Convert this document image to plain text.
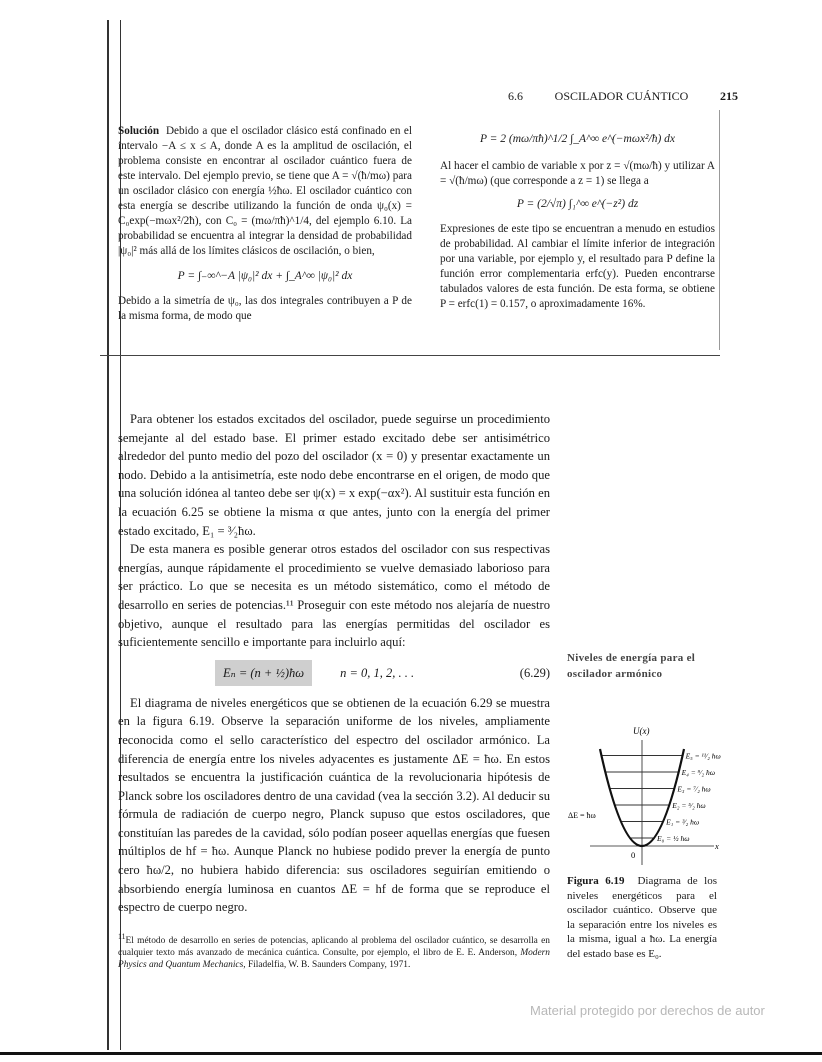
6.6	OSCILADOR CUÁNTICO	215
Solución Debido a que el oscilador clásico está confinado en el intervalo −A ≤ x ≤ A, donde A es la amplitud de oscilación, el problema consiste en encontrar al oscilador cuántico fuera de este intervalo. Del ejemplo previo, se tiene que A = √(ħ/mω) para un oscilador clásico con energía ½ħω. El oscilador cuántico con esta energía se describe utilizando la función de onda ψ₀(x) = C₀exp(−mωx²/2ħ), con C₀ = (mω/πħ)^1/4, del ejemplo 6.10. La probabilidad se encuentra al integrar la densidad de probabilidad |ψ₀|² más allá de los límites clásicos de oscilación, o bien,
P = ∫₋∞^−A |ψ₀|² dx + ∫_A^∞ |ψ₀|² dx
Debido a la simetría de ψ₀, las dos integrales contribuyen a P de la misma forma, de modo que
P = 2 (mω/πħ)^1/2 ∫_A^∞ e^(−mωx²/ħ) dx
Al hacer el cambio de variable x por z = √(mω/ħ) y utilizar A = √(ħ/mω) (que corresponde a z = 1) se llega a
P = (2/√π) ∫₁^∞ e^(−z²) dz
Expresiones de este tipo se encuentran a menudo en estudios de probabilidad. Al cambiar el límite inferior de integración por una variable, por ejemplo y, el resultado para P define la función error complementaria erfc(y). Pueden encontrarse tabulados valores de esta función. De esta forma, se obtiene P = erfc(1) = 0.157, o aproximadamente 16%.

Para obtener los estados excitados del oscilador, puede seguirse un procedimiento semejante al del estado base. El primer estado excitado debe ser antisimétrico alrededor del punto medio del pozo del oscilador (x = 0) y presentar exactamente un nodo. Debido a la antisimetría, este nodo debe encontrarse en el origen, de modo que una solución idónea al tanteo debe ser ψ(x) = x exp(−αx²). Al sustituir esta función en la ecuación 6.25 se obtiene la misma α que antes, junto con la energía del primer estado excitado, E₁ = ³⁄₂ħω.

De esta manera es posible generar otros estados del oscilador con sus respectivas energías, aunque rápidamente el procedimiento se vuelve demasiado laborioso para ser práctico. Lo que se necesita es un método sistemático, como el método de desarrollo en series de potencias.¹¹ Proseguir con este método nos alejaría de nuestro objetivo, aunque el resultado para las energías permitidas del oscilador es suficientemente sencillo e importante para incluirlo aquí:

Eₙ = (n + ½)ħω	n = 0, 1, 2, . . .	(6.29)

El diagrama de niveles energéticos que se obtienen de la ecuación 6.29 se muestra en la figura 6.19. Observe la separación uniforme de los niveles, ampliamente reconocida como el sello característico del espectro del oscilador armónico. La diferencia de energía entre los niveles adyacentes es justamente ΔE = ħω. En estos resultados se encuentra la justificación cuántica de la revolucionaria hipótesis de Planck sobre los osciladores dentro de una cavidad (vea la sección 3.2). Al deducir su fórmula de radiación de cuerpo negro, Planck supuso que estos osciladores, que constituían las paredes de la cavidad, sólo podían poseer aquellas energías que fuesen múltiplos de hf = ħω. Aunque Planck no hubiese podido prever la energía de punto cero ħω/2, no hubiera habido diferencia: sus osciladores seguirían emitiendo o absorbiendo energía luminosa en cuantos ΔE = hf de forma que se reproduce el espectro de cuerpo negro.

$^{11}$El método de desarrollo en series de potencias, aplicando al problema del oscilador cuántico, se desarrolla en cualquier texto más avanzado de mecánica cuántica. Consulte, por ejemplo, el libro de E. E. Anderson, Modern Physics and Quantum Mechanics, Filadelfia, W. B. Saunders Company, 1971.
Niveles de energía para el oscilador armónico
U(x)
x
0
E₀ = ½ ħω
E₁ = ³⁄₂ ħω
E₂ = ⁵⁄₂ ħω
E₃ = ⁷⁄₂ ħω
E₄ = ⁹⁄₂ ħω
E₅ = ¹¹⁄₂ ħω
ΔE = ħω
Figura 6.19 Diagrama de los niveles energéticos para el oscilador cuántico. Observe que la separación entre los niveles es la misma, igual a ħω. La energía del estado base es E₀.
Material protegido por derechos de autor
